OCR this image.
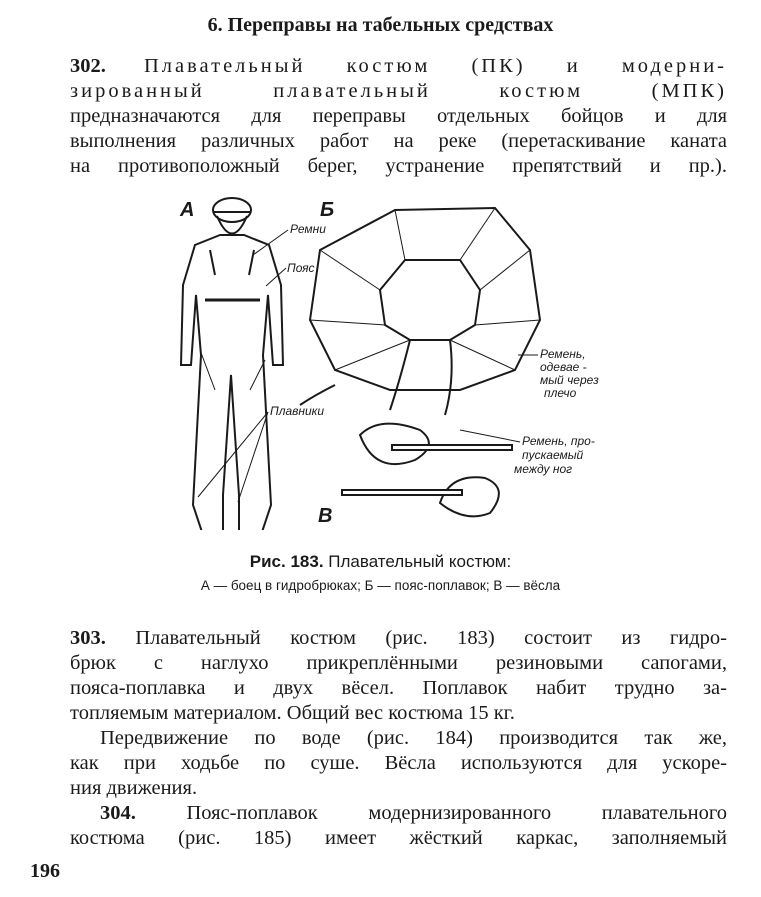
6. Переправы на табельных средствах
302. Плавательный костюм (ПК) и модерни-
зированный плавательный костюм (МПК)
предназначаются для переправы отдельных бойцов и для
выполнения различных работ на реке (перетаскивание каната
на противоположный берег, устранение препятствий и пр.).
А
Ремни
Пояс
Плавники
Б
Ремень,
одевае -
мый через
плечо
Ремень, про-
пускаемый
между ног
В
Рис. 183. Плавательный костюм:
А — боец в гидробрюках; Б — пояс-поплавок; В — вёсла
303. Плавательный костюм (рис. 183) состоит из гидро-
брюк с наглухо прикреплёнными резиновыми сапогами,
пояса-поплавка и двух вёсел. Поплавок набит трудно за-
топляемым материалом. Общий вес костюма 15 кг.
Передвижение по воде (рис. 184) производится так же,
как при ходьбе по суше. Вёсла используются для ускоре-
ния движения.
304. Пояс-поплавок модернизированного плавательного
костюма (рис. 185) имеет жёсткий каркас, заполняемый
196
